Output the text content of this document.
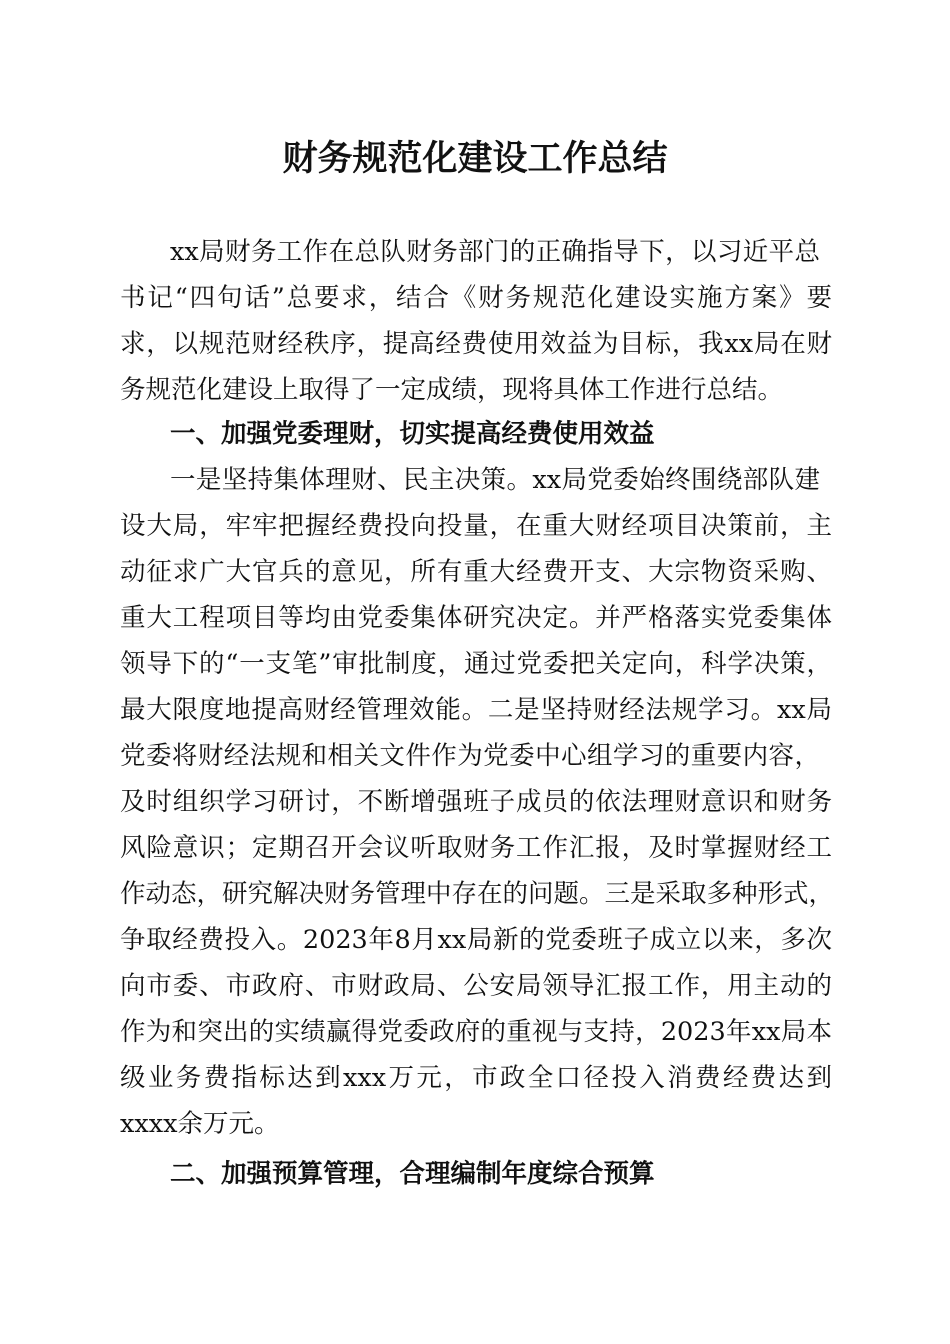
财务规范化建设工作总结

xx局财务工作在总队财务部门的正确指导下，以习近平总

书记“四句话”总要求，结合《财务规范化建设实施方案》要

求，以规范财经秩序，提高经费使用效益为目标，我xx局在财

务规范化建设上取得了一定成绩，现将具体工作进行总结。

一、加强党委理财，切实提高经费使用效益

一是坚持集体理财、民主决策。xx局党委始终围绕部队建

设大局，牢牢把握经费投向投量，在重大财经项目决策前，主

动征求广大官兵的意见，所有重大经费开支、大宗物资采购、

重大工程项目等均由党委集体研究决定。并严格落实党委集体

领导下的“一支笔”审批制度，通过党委把关定向，科学决策，

最大限度地提高财经管理效能。二是坚持财经法规学习。xx局

党委将财经法规和相关文件作为党委中心组学习的重要内容，

及时组织学习研讨，不断增强班子成员的依法理财意识和财务

风险意识；定期召开会议听取财务工作汇报，及时掌握财经工

作动态，研究解决财务管理中存在的问题。三是采取多种形式，

争取经费投入。2023年8月xx局新的党委班子成立以来，多次

向市委、市政府、市财政局、公安局领导汇报工作，用主动的

作为和突出的实绩赢得党委政府的重视与支持，2023年xx局本

级业务费指标达到xxx万元，市政全口径投入消费经费达到

xxxx余万元。

二、加强预算管理，合理编制年度综合预算
